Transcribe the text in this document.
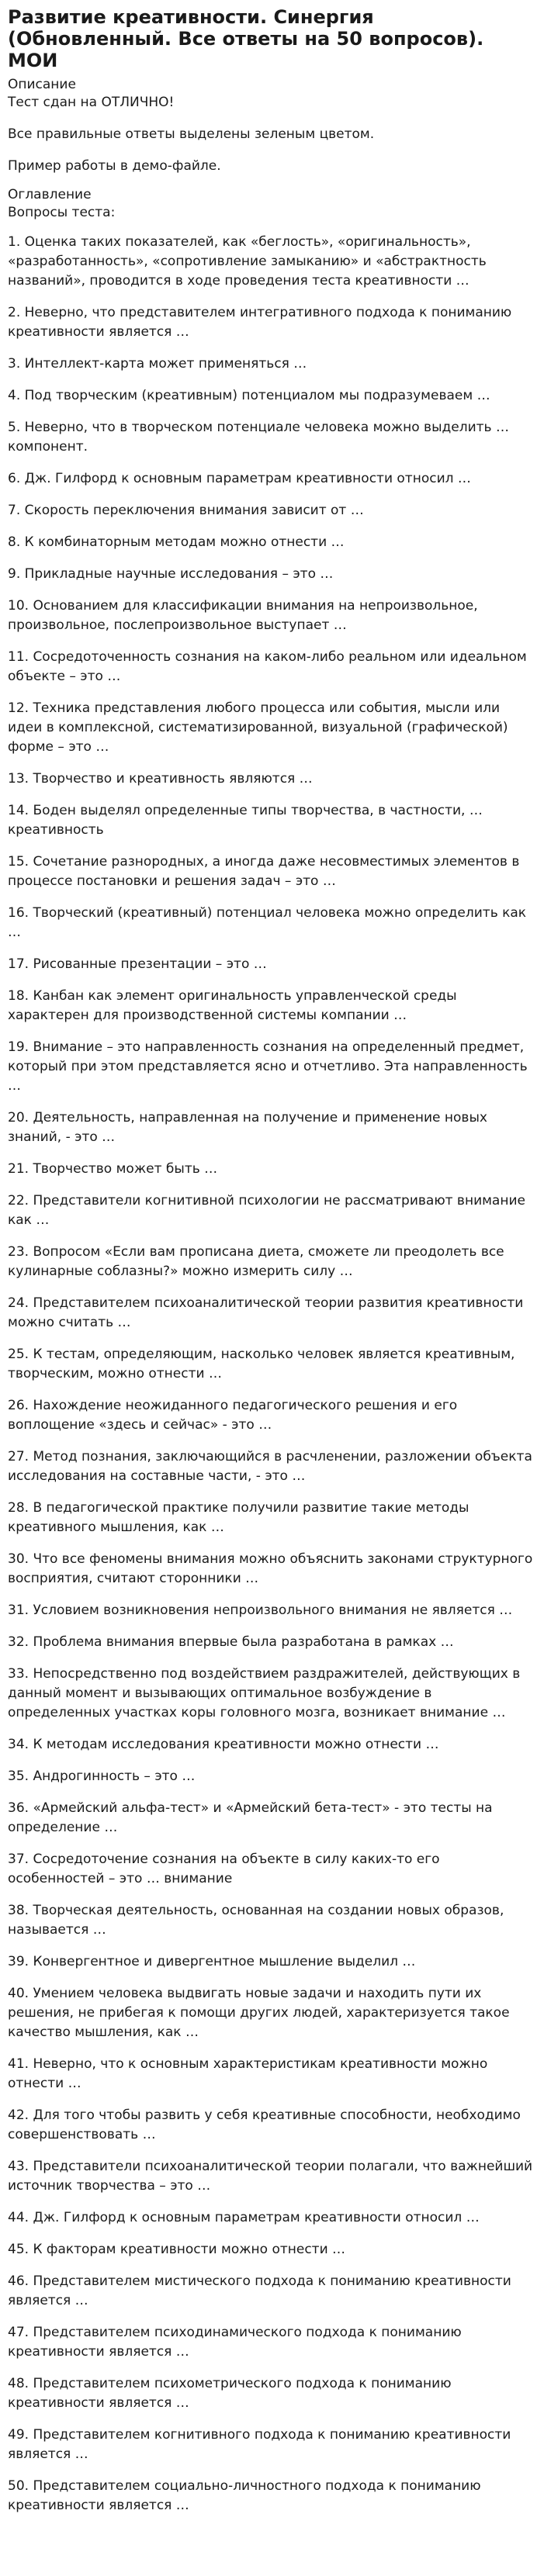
Развитие креативности. Синергия (Обновленный. Все ответы на 50 вопросов). МОИ

Описание

Тест сдан на ОТЛИЧНО!

Все правильные ответы выделены зеленым цветом.

Пример работы в демо-файле.

Оглавление

Вопросы теста:

1. Оценка таких показателей, как «беглость», «оригинальность», «разработанность», «сопротивление замыканию» и «абстрактность названий», проводится в ходе проведения теста креативности …
2. Неверно, что представителем интегративного подхода к пониманию креативности является …
3. Интеллект-карта может применяться …
4. Под творческим (креативным) потенциалом мы подразумеваем …
5. Неверно, что в творческом потенциале человека можно выделить … компонент.
6. Дж. Гилфорд к основным параметрам креативности относил …
7. Скорость переключения внимания зависит от …
8. К комбинаторным методам можно отнести …
9. Прикладные научные исследования – это …
10. Основанием для классификации внимания на непроизвольное, произвольное, послепроизвольное выступает …
11. Сосредоточенность сознания на каком-либо реальном или идеальном объекте – это …
12. Техника представления любого процесса или события, мысли или идеи в комплексной, систематизированной, визуальной (графической) форме – это …
13. Творчество и креативность являются …
14. Боден выделял определенные типы творчества, в частности, … креативность
15. Сочетание разнородных, а иногда даже несовместимых элементов в процессе постановки и решения задач – это …
16. Творческий (креативный) потенциал человека можно определить как …
17. Рисованные презентации – это …
18. Канбан как элемент оригинальность управленческой среды характерен для производственной системы компании …
19. Внимание – это направленность сознания на определенный предмет, который при этом представляется ясно и отчетливо. Эта направленность …
20. Деятельность, направленная на получение и применение новых знаний, - это …
21. Творчество может быть …
22. Представители когнитивной психологии не рассматривают внимание как …
23. Вопросом «Если вам прописана диета, сможете ли преодолеть все кулинарные соблазны?» можно измерить силу …
24. Представителем психоаналитической теории развития креативности можно считать …
25. К тестам, определяющим, насколько человек является креативным, творческим, можно отнести …
26. Нахождение неожиданного педагогического решения и его воплощение «здесь и сейчас» - это …
27. Метод познания, заключающийся в расчленении, разложении объекта исследования на составные части, - это …
28. В педагогической практике получили развитие такие методы креативного мышления, как …
30. Что все феномены внимания можно объяснить законами структурного восприятия, считают сторонники …
31. Условием возникновения непроизвольного внимания не является …
32. Проблема внимания впервые была разработана в рамках …
33. Непосредственно под воздействием раздражителей, действующих в данный момент и вызывающих оптимальное возбуждение в определенных участках коры головного мозга, возникает внимание …
34. К методам исследования креативности можно отнести …
35. Андрогинность – это …
36. «Армейский альфа-тест» и «Армейский бета-тест» - это тесты на определение …
37. Сосредоточение сознания на объекте в силу каких-то его особенностей – это … внимание
38. Творческая деятельность, основанная на создании новых образов, называется …
39. Конвергентное и дивергентное мышление выделил …
40. Умением человека выдвигать новые задачи и находить пути их решения, не прибегая к помощи других людей, характеризуется такое качество мышления, как …
41. Неверно, что к основным характеристикам креативности можно отнести …
42. Для того чтобы развить у себя креативные способности, необходимо совершенствовать …
43. Представители психоаналитической теории полагали, что важнейший источник творчества – это …
44. Дж. Гилфорд к основным параметрам креативности относил …
45. К факторам креативности можно отнести …
46. Представителем мистического подхода к пониманию креативности является …
47. Представителем психодинамического подхода к пониманию креативности является …
48. Представителем психометрического подхода к пониманию креативности является …
49. Представителем когнитивного подхода к пониманию креативности является …
50. Представителем социально-личностного подхода к пониманию креативности является …
